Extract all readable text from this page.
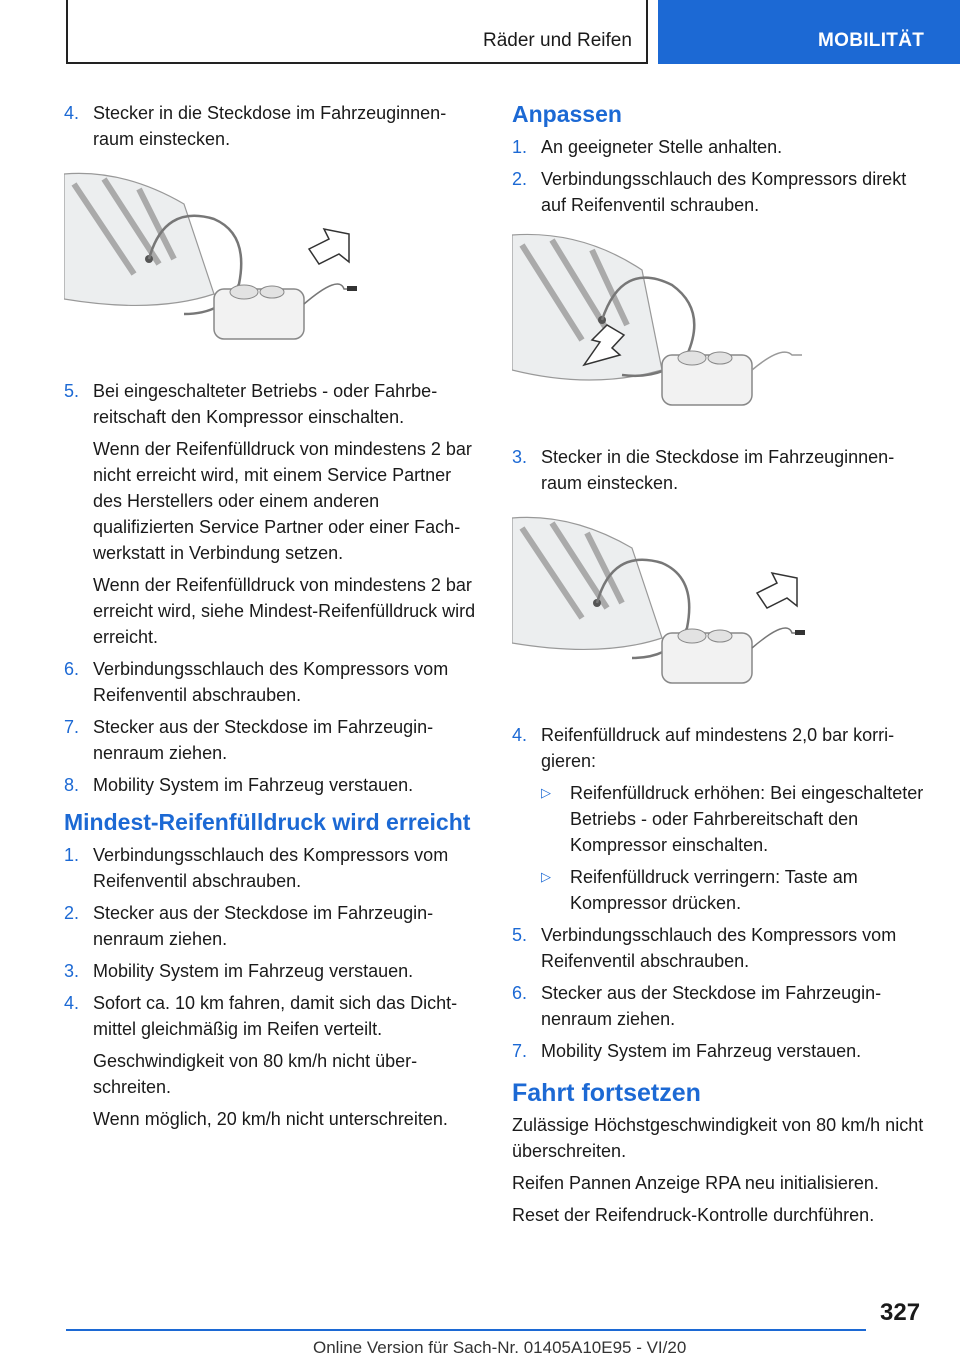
Räder und Reifen	MOBILITÄT
4. Stecker in die Steckdose im Fahrzeuginnenraum einstecken.
5. Bei eingeschalteter Betriebs - oder Fahrbereitschaft den Kompressor einschalten.
Wenn der Reifenfülldruck von mindestens 2 bar nicht erreicht wird, mit einem Service Partner des Herstellers oder einem anderen qualifizierten Service Partner oder einer Fachwerkstatt in Verbindung setzen.
Wenn der Reifenfülldruck von mindestens 2 bar erreicht wird, siehe Mindest-Reifenfülldruck wird erreicht.
6. Verbindungsschlauch des Kompressors vom Reifenventil abschrauben.
7. Stecker aus der Steckdose im Fahrzeuginnenraum ziehen.
8. Mobility System im Fahrzeug verstauen.
Mindest-Reifenfülldruck wird erreicht
1. Verbindungsschlauch des Kompressors vom Reifenventil abschrauben.
2. Stecker aus der Steckdose im Fahrzeuginnenraum ziehen.
3. Mobility System im Fahrzeug verstauen.
4. Sofort ca. 10 km fahren, damit sich das Dichtmittel gleichmäßig im Reifen verteilt.
Geschwindigkeit von 80 km/h nicht überschreiten.
Wenn möglich, 20 km/h nicht unterschreiten.
Anpassen
1. An geeigneter Stelle anhalten.
2. Verbindungsschlauch des Kompressors direkt auf Reifenventil schrauben.
3. Stecker in die Steckdose im Fahrzeuginnenraum einstecken.
4. Reifenfülldruck auf mindestens 2,0 bar korrigieren:
▷	Reifenfülldruck erhöhen: Bei eingeschalteter Betriebs - oder Fahrbereitschaft den Kompressor einschalten.
▷	Reifenfülldruck verringern: Taste am Kompressor drücken.
5. Verbindungsschlauch des Kompressors vom Reifenventil abschrauben.
6. Stecker aus der Steckdose im Fahrzeuginnenraum ziehen.
7. Mobility System im Fahrzeug verstauen.
Fahrt fortsetzen
Zulässige Höchstgeschwindigkeit von 80 km/h nicht überschreiten.
Reifen Pannen Anzeige RPA neu initialisieren.
Reset der Reifendruck-Kontrolle durchführen.
327
Online Version für Sach-Nr. 01405A10E95 - VI/20
